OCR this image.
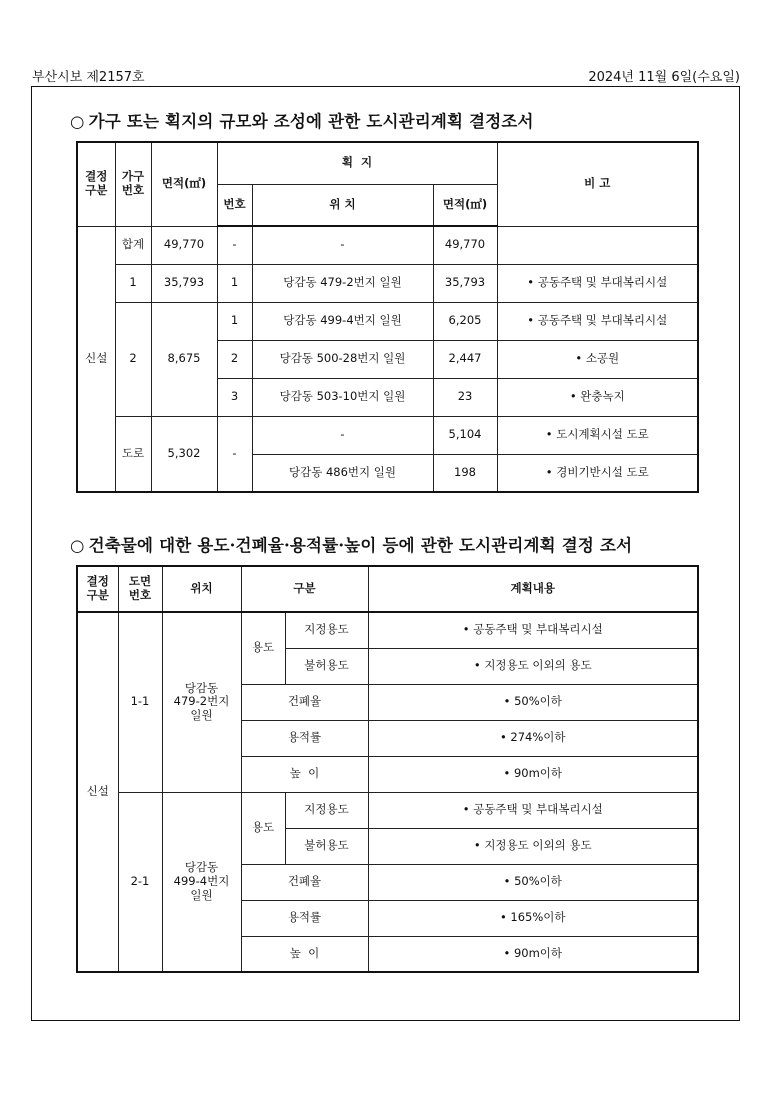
부산시보 제2157호	2024년 11월 6일(수요일)
○ 가구 또는 획지의 규모와 조성에 관한 도시관리계획 결정조서
결정
구분	가구
번호	면적(㎡)	획  지			비 고
			번호	위 치	면적(㎡)	
신설	합계	49,770	-	-	49,770	
	1	35,793	1	당감동 479-2번지 일원	35,793	• 공동주택 및 부대복리시설
	2	8,675	1	당감동 499-4번지 일원	6,205	• 공동주택 및 부대복리시설
			2	당감동 500-28번지 일원	2,447	• 소공원
			3	당감동 503-10번지 일원	23	• 완충녹지
	도로	5,302	-	-	5,104	• 도시계획시설 도로
				당감동 486번지 일원	198	• 경비기반시설 도로
○ 건축물에 대한 용도·건폐율·용적률·높이 등에 관한 도시관리계획 결정 조서
결정
구분	도면
번호	위치	구분		계획내용
신설	1-1	당감동
479-2번지
일원	용도	지정용도	• 공동주택 및 부대복리시설
				불허용도	• 지정용도 이외의 용도
			건폐율		• 50%이하
			용적률		• 274%이하
			높  이		• 90m이하
	2-1	당감동
499-4번지
일원	용도	지정용도	• 공동주택 및 부대복리시설
				불허용도	• 지정용도 이외의 용도
			건폐율		• 50%이하
			용적률		• 165%이하
			높  이		• 90m이하
